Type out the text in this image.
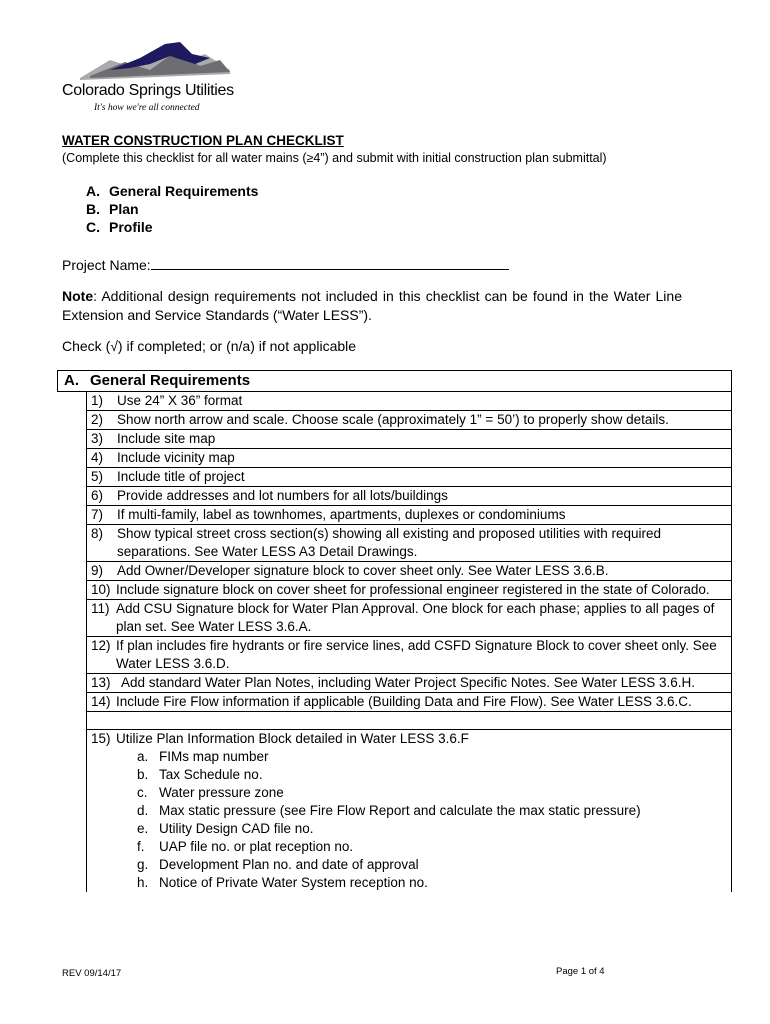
Colorado Springs Utilities
It's how we're all connected
WATER CONSTRUCTION PLAN CHECKLIST
(Complete this checklist for all water mains (≥4”) and submit with initial construction plan submittal)
A. General Requirements
B. Plan
C. Profile
Project Name:
Note: Additional design requirements not included in this checklist can be found in the Water Line Extension and Service Standards (“Water LESS”).
Check (√) if completed; or (n/a) if not applicable
A. General Requirements
1)	Use 24” X 36” format
2)	Show north arrow and scale. Choose scale (approximately 1” = 50’) to properly show details.
3)	Include site map
4)	Include vicinity map
5)	Include title of project
6)	Provide addresses and lot numbers for all lots/buildings
7)	If multi-family, label as townhomes, apartments, duplexes or condominiums
8)	Show typical street cross section(s) showing all existing and proposed utilities with required separations. See Water LESS A3 Detail Drawings.
9)	Add Owner/Developer signature block to cover sheet only. See Water LESS 3.6.B.
10) Include signature block on cover sheet for professional engineer registered in the state of Colorado.
11) Add CSU Signature block for Water Plan Approval. One block for each phase; applies to all pages of plan set. See Water LESS 3.6.A.
12) If plan includes fire hydrants or fire service lines, add CSFD Signature Block to cover sheet only. See Water LESS 3.6.D.
13) Add standard Water Plan Notes, including Water Project Specific Notes. See Water LESS 3.6.H.
14) Include Fire Flow information if applicable (Building Data and Fire Flow). See Water LESS 3.6.C.
15) Utilize Plan Information Block detailed in Water LESS 3.6.F
a. FIMs map number
b. Tax Schedule no.
c. Water pressure zone
d. Max static pressure (see Fire Flow Report and calculate the max static pressure)
e. Utility Design CAD file no.
f. UAP file no. or plat reception no.
g. Development Plan no. and date of approval
h. Notice of Private Water System reception no.
REV 09/14/17	Page 1 of 4
